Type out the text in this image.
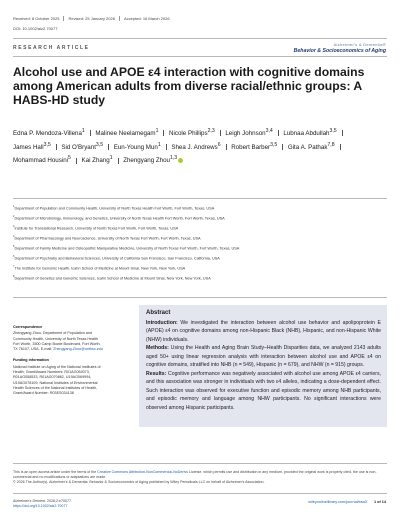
Received: 8 October 2025 Revised: 25 January 2026 Accepted: 16 March 2026
DOI: 10.1002/alz2.70077
RESEARCH ARTICLE
Alzheimer's & Dementia®
Behavior & Socioeconomics of Aging
Alcohol use and APOE ε4 interaction with cognitive domains among American adults from diverse racial/ethnic groups: A HABS-HD study
Edna P. Mendoza-Villena$^1$ Malinee Neelamegam$^1$ Nicole Phillips$^{2,3}$ Leigh Johnson$^{3,4}$ Lubnaa Abdullah$^{3,5}$James Hall$^{3,5}$ Sid O'Bryant$^{3,5}$ Eun-Young Mun$^1$ Shea J. Andrews$^6$ Robert Barber$^{3,5}$ Gita A. Pathak$^{7,8}$Mohammad Housini$^5$ Kai Zhang$^1$ Zhengyang Zhou$^{1,3}$
$^1$Department of Population and Community Health, University of North Texas Health Fort Worth, Fort Worth, Texas, USA
$^2$Department of Microbiology, Immunology, and Genetics, University of North Texas Health Fort Worth, Fort Worth, Texas, USA
$^3$Institute for Translational Research, University of North Texas Fort Worth, Fort Worth, Texas, USA
$^4$Department of Pharmacology and Neuroscience, University of North Texas Fort Worth, Fort Worth, Texas, USA
$^5$Department of Family Medicine and Osteopathic Manipulative Medicine, University of North Texas Fort Worth, Fort Worth, Texas, USA
$^6$Department of Psychiatry and Behavioral Sciences, University of California San Francisco, San Francisco, California, USA
$^7$The Institute for Genomic Health, Icahn School of Medicine at Mount Sinai, New York, New York, USA
$^8$Department of Genetics and Genomic Sciences, Icahn School of Medicine at Mount Sinai, New York, New York, USA
Correspondence
Zhengyang Zhou, Department of Population and Community Health, University of North Texas Health Fort Worth, 3500 Camp Bowie Boulevard, Fort Worth, TX 76107, USA. E-mail: Zhengyang.Zhou@unthsc.edu
Funding information
National Institute on Aging of the National Institutes of Health, Grant/Award Numbers: R01AG054073, R01AG058533, R01AG070862, U19AG069994, U19AG078109; National Institutes of Environmental Health Sciences of the National Institutes of Health, Grant/Award Number: R03ES034138
Abstract
Introduction: We investigated the interaction between alcohol use behavior and apolipoprotein E (APOE) ε4 on cognitive domains among non-Hispanic Black (NHB), Hispanic, and non-Hispanic White (NHW) individuals.
Methods: Using the Health and Aging Brain Study–Health Disparities data, we analyzed 2143 adults aged 50+ using linear regression analysis with interaction between alcohol use and APOE ε4 on cognitive domains, stratified into NHB (n = 549), Hispanic (n = 679), and NHW (n = 915) groups.
Results: Cognitive performance was negatively associated with alcohol use among APOE ε4 carriers, and this association was stronger in individuals with two ε4 alleles, indicating a dose-dependent effect. Such interaction was observed for executive function and episodic memory among NHB participants, and episodic memory and language among NHW participants. No significant interactions were observed among Hispanic participants.
This is an open access article under the terms of the Creative Commons Attribution-NonCommercial-NoDerivs License, which permits use and distribution in any medium, provided the original work is properly cited, the use is non-commercial and no modifications or adaptations are made.
© 2026 The Author(s). Alzheimer's & Dementia: Behavior & Socioeconomics of Aging published by Wiley Periodicals LLC on behalf of Alzheimer's Association.
Alzheimer's Dement. 2026;2:e70077.
https://doi.org/10.1002/alz2.70077
wileyonlinelibrary.com/journal/bsa3 1 of 14
